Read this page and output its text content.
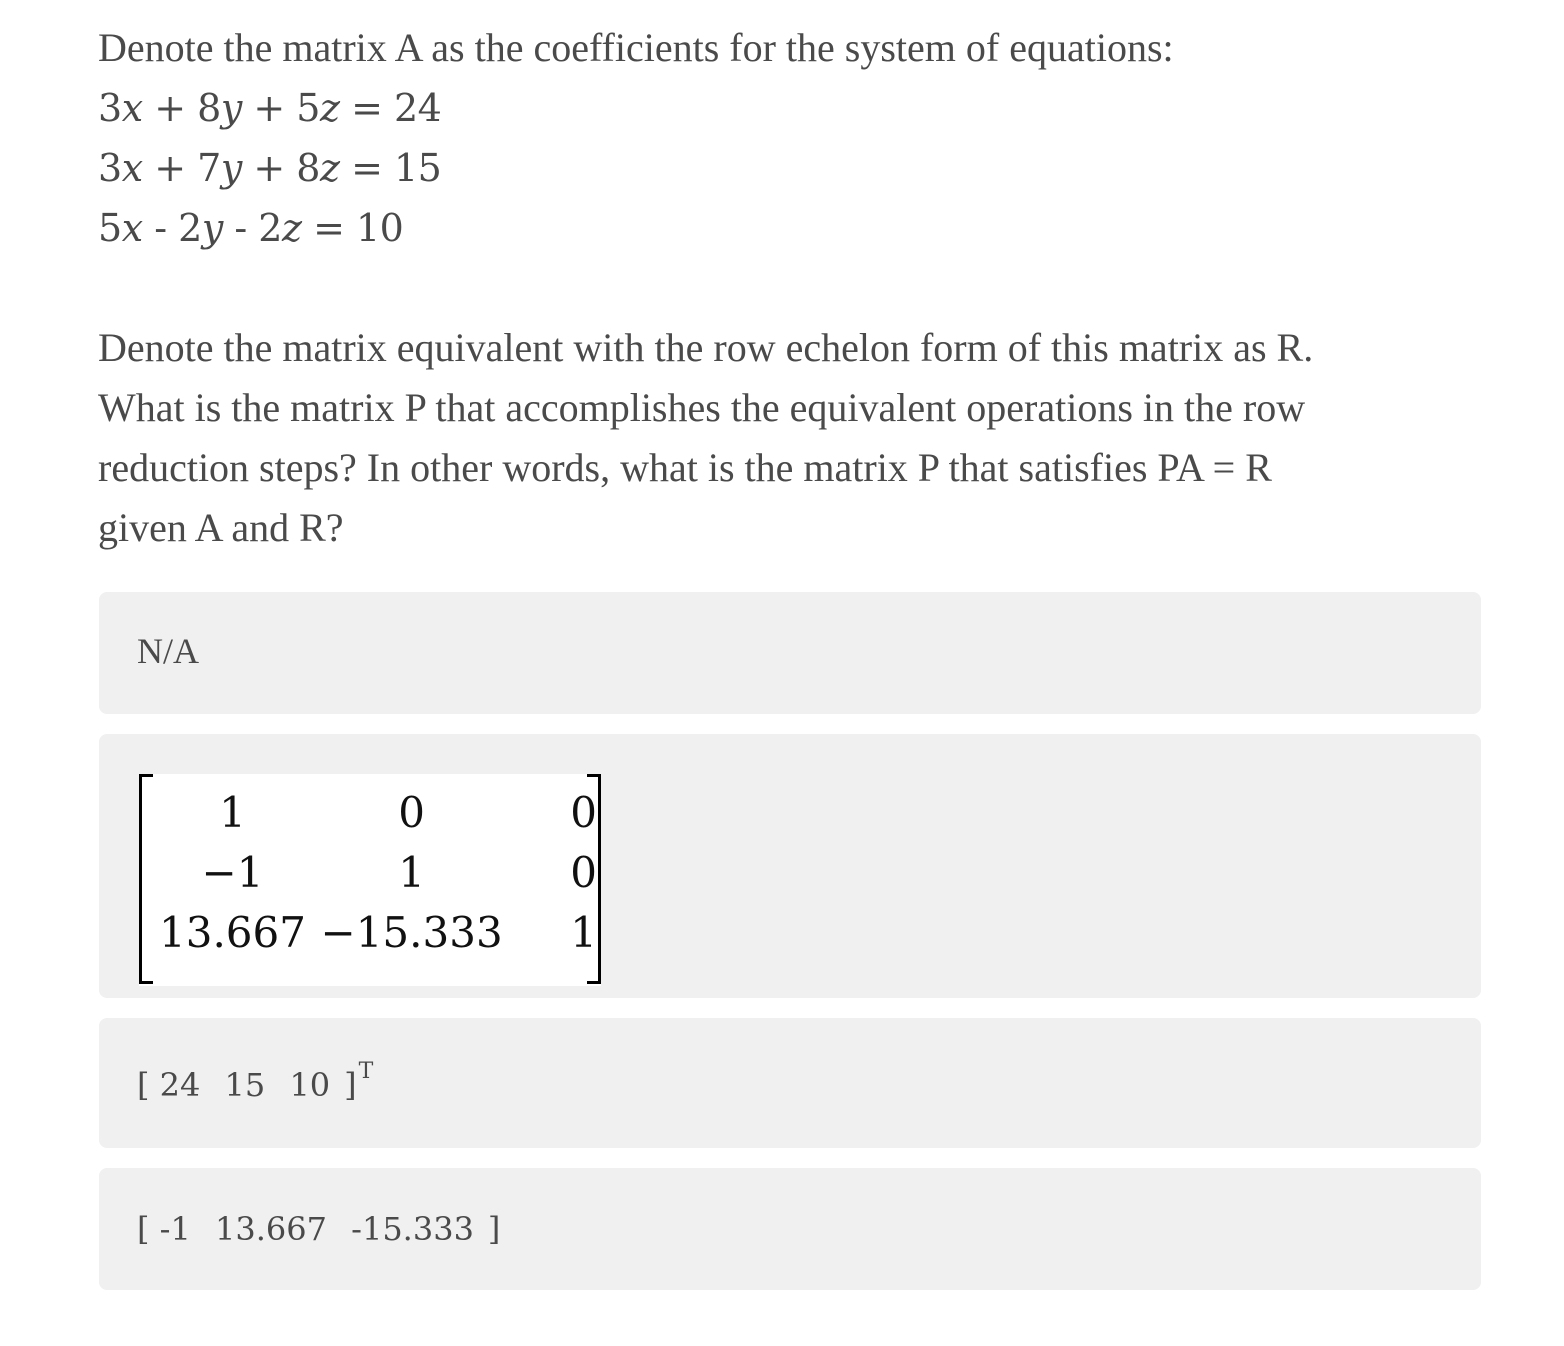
Denote the matrix A as the coefficients for the system of equations:
3x + 8y + 5z = 24
3x + 7y + 8z = 15
5x - 2y - 2z = 10
Denote the matrix equivalent with the row echelon form of this matrix as R.
What is the matrix P that accomplishes the equivalent operations in the row
reduction steps? In other words, what is the matrix P that satisfies PA = R
given A and R?
N/A
1	0	0
−1	1	0
13.667	−15.333	1
[ 24 15 10 ]$^T$
[ -1 13.667 -15.333 ]
